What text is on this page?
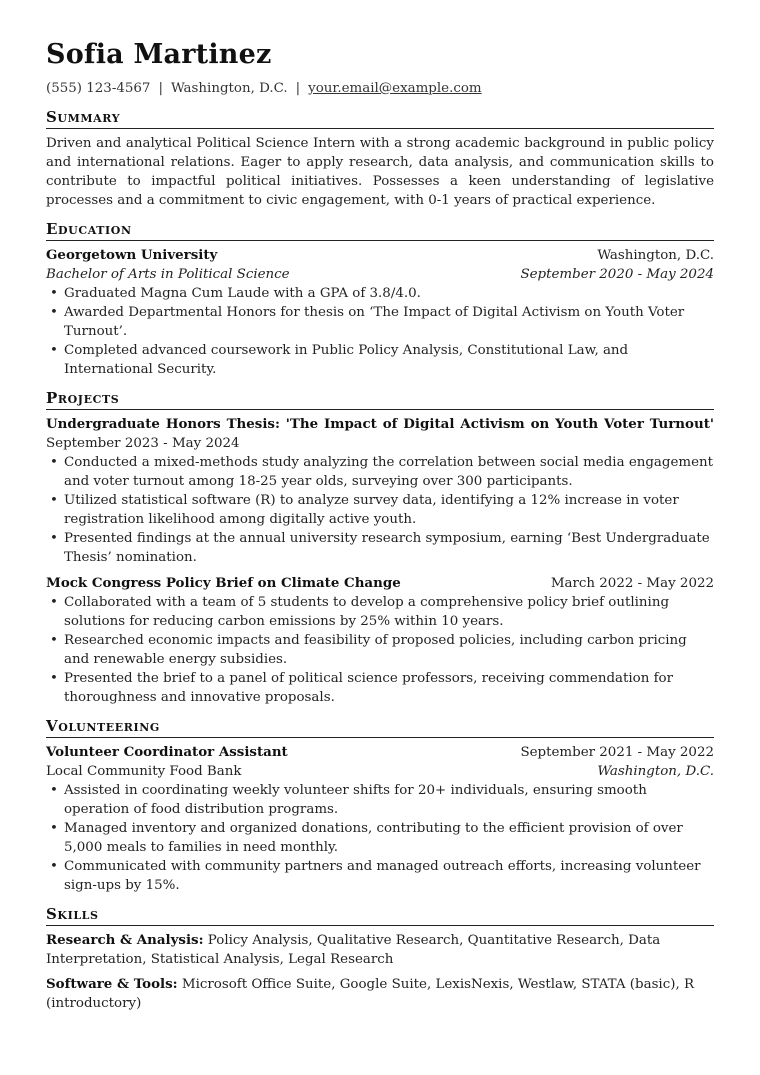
Sofia Martinez
(555) 123-4567 | Washington, D.C. | your.email@example.com
Summary
Driven and analytical Political Science Intern with a strong academic background in public policy and international relations. Eager to apply research, data analysis, and communication skills to contribute to impactful political initiatives. Possesses a keen understanding of legislative processes and a commitment to civic engagement, with 0-1 years of practical experience.
Education
Georgetown University	Washington, D.C.
Bachelor of Arts in Political Science	September 2020 - May 2024
• Graduated Magna Cum Laude with a GPA of 3.8/4.0.
• Awarded Departmental Honors for thesis on ‘The Impact of Digital Activism on Youth Voter Turnout’.
• Completed advanced coursework in Public Policy Analysis, Constitutional Law, and International Security.
Projects
Undergraduate Honors Thesis: 'The Impact of Digital Activism on Youth Voter Turnout' September 2023 - May 2024
• Conducted a mixed-methods study analyzing the correlation between social media engagement and voter turnout among 18-25 year olds, surveying over 300 participants.
• Utilized statistical software (R) to analyze survey data, identifying a 12% increase in voter registration likelihood among digitally active youth.
• Presented findings at the annual university research symposium, earning ‘Best Undergraduate Thesis’ nomination.
Mock Congress Policy Brief on Climate Change	March 2022 - May 2022
• Collaborated with a team of 5 students to develop a comprehensive policy brief outlining solutions for reducing carbon emissions by 25% within 10 years.
• Researched economic impacts and feasibility of proposed policies, including carbon pricing and renewable energy subsidies.
• Presented the brief to a panel of political science professors, receiving commendation for thoroughness and innovative proposals.
Volunteering
Volunteer Coordinator Assistant	September 2021 - May 2022
Local Community Food Bank	Washington, D.C.
• Assisted in coordinating weekly volunteer shifts for 20+ individuals, ensuring smooth operation of food distribution programs.
• Managed inventory and organized donations, contributing to the efficient provision of over 5,000 meals to families in need monthly.
• Communicated with community partners and managed outreach efforts, increasing volunteer sign-ups by 15%.
Skills
Research & Analysis: Policy Analysis, Qualitative Research, Quantitative Research, Data Interpretation, Statistical Analysis, Legal Research
Software & Tools: Microsoft Office Suite, Google Suite, LexisNexis, Westlaw, STATA (basic), R (introductory)
